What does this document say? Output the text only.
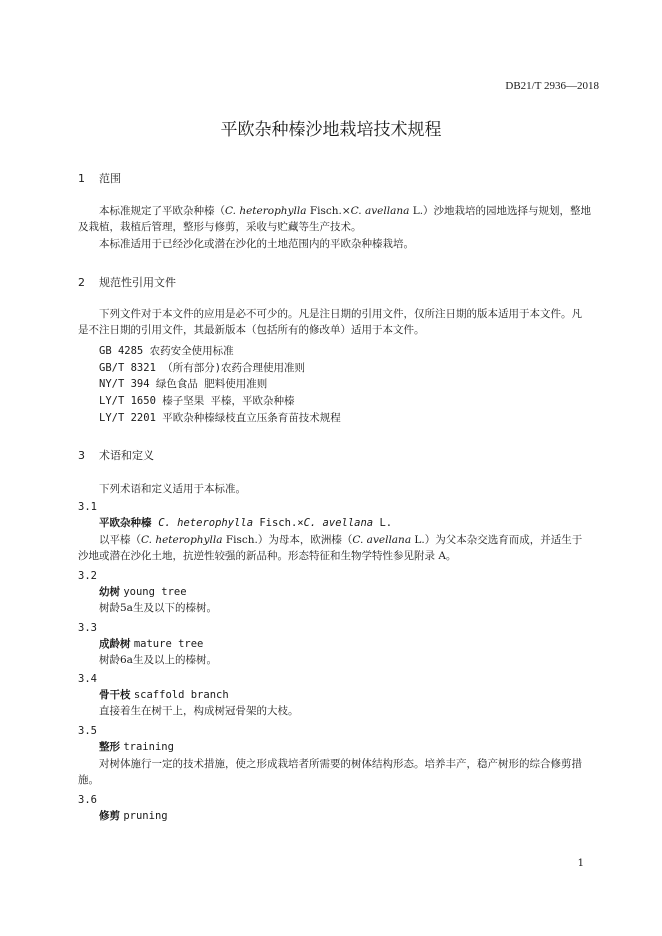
DB21/T 2936—2018
平欧杂种榛沙地栽培技术规程
1 范围
本标准规定了平欧杂种榛（C. heterophylla Fisch.×C. avellana L.）沙地栽培的园地选择与规划，整地及栽植，栽植后管理，整形与修剪，采收与贮藏等生产技术。
本标准适用于已经沙化或潜在沙化的土地范围内的平欧杂种榛栽培。
2 规范性引用文件
下列文件对于本文件的应用是必不可少的。凡是注日期的引用文件，仅所注日期的版本适用于本文件。凡是不注日期的引用文件，其最新版本（包括所有的修改单）适用于本文件。
GB 4285 农药安全使用标准
GB/T 8321 （所有部分)农药合理使用准则
NY/T 394 绿色食品 肥料使用准则
LY/T 1650 榛子坚果 平榛，平欧杂种榛
LY/T 2201 平欧杂种榛绿枝直立压条育苗技术规程
3 术语和定义
下列术语和定义适用于本标准。
3.1
平欧杂种榛 C. heterophylla Fisch.×C. avellana L.
以平榛（C. heterophylla Fisch.）为母本，欧洲榛（C. avellana L.）为父本杂交选育而成，并适生于沙地或潜在沙化土地，抗逆性较强的新品种。形态特征和生物学特性参见附录 A。
3.2
幼树 young tree
树龄5a生及以下的榛树。
3.3
成龄树 mature tree
树龄6a生及以上的榛树。
3.4
骨干枝 scaffold branch
直接着生在树干上，构成树冠骨架的大枝。
3.5
整形 training
对树体施行一定的技术措施，使之形成栽培者所需要的树体结构形态。培养丰产，稳产树形的综合修剪措施。
3.6
修剪 pruning
1
